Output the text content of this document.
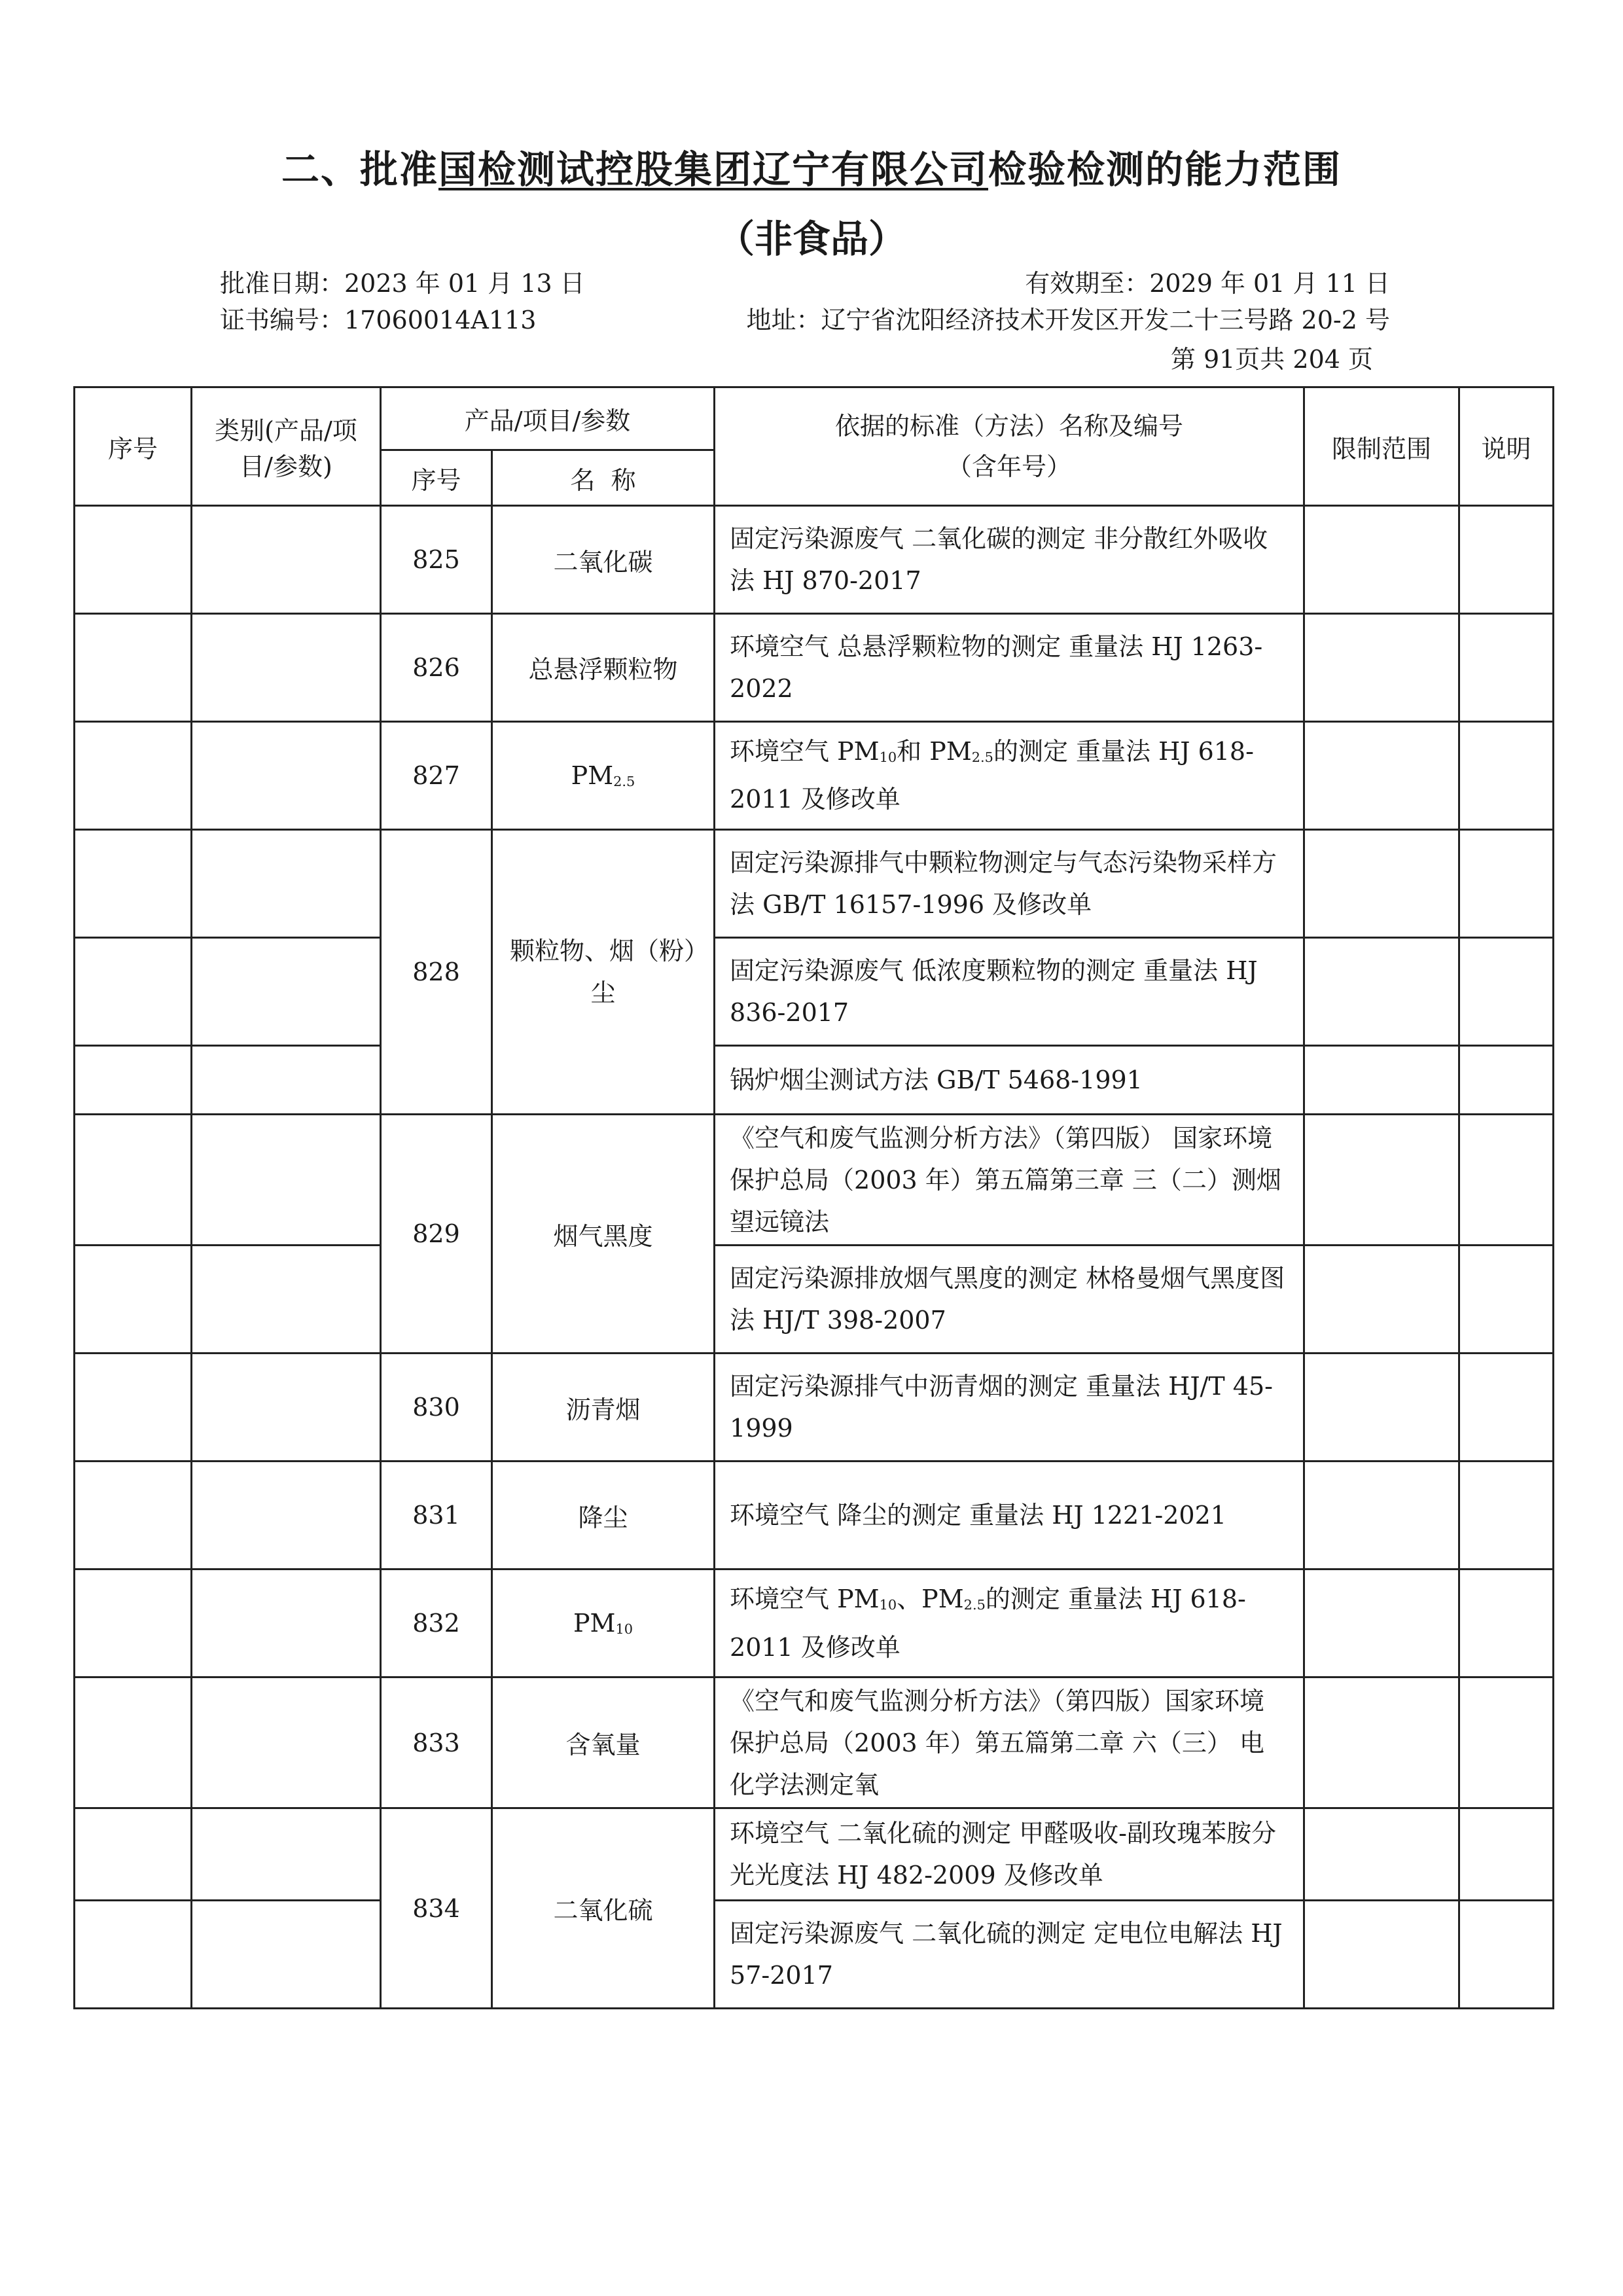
二、批准国检测试控股集团辽宁有限公司检验检测的能力范围
（非食品）
批准日期：2023 年 01 月 13 日	有效期至：2029 年 01 月 11 日
证书编号：17060014A113	地址：辽宁省沈阳经济技术开发区开发二十三号路 20-2 号
第 91页共 204 页
序号	类别(产品/项目/参数)	产品/项目/参数		依据的标准（方法）名称及编号（含年号）	限制范围	说明
		序号	名  称			
		825	二氧化碳	固定污染源废气 二氧化碳的测定 非分散红外吸收法 HJ 870-2017		
		826	总悬浮颗粒物	环境空气 总悬浮颗粒物的测定 重量法 HJ 1263-2022		
		827	$PM_{2.5}$	环境空气 $PM_{10}$和 $PM_{2.5}$的测定 重量法 HJ 618-2011 及修改单		
		828	颗粒物、烟（粉）尘	固定污染源排气中颗粒物测定与气态污染物采样方法 GB/T 16157-1996 及修改单		
				固定污染源废气 低浓度颗粒物的测定 重量法 HJ 836-2017		
				锅炉烟尘测试方法 GB/T 5468-1991		
		829	烟气黑度	《空气和废气监测分析方法》（第四版） 国家环境保护总局（2003 年）第五篇第三章 三（二）测烟望远镜法		
				固定污染源排放烟气黑度的测定 林格曼烟气黑度图法 HJ/T 398-2007		
		830	沥青烟	固定污染源排气中沥青烟的测定 重量法 HJ/T 45-1999		
		831	降尘	环境空气 降尘的测定 重量法 HJ 1221-2021		
		832	$PM_{10}$	环境空气 $PM_{10}$、$PM_{2.5}$的测定 重量法 HJ 618-2011 及修改单		
		833	含氧量	《空气和废气监测分析方法》（第四版）国家环境保护总局（2003 年）第五篇第二章 六（三） 电化学法测定氧		
		834	二氧化硫	环境空气 二氧化硫的测定 甲醛吸收-副玫瑰苯胺分光光度法 HJ 482-2009 及修改单		
				固定污染源废气 二氧化硫的测定 定电位电解法 HJ 57-2017		
